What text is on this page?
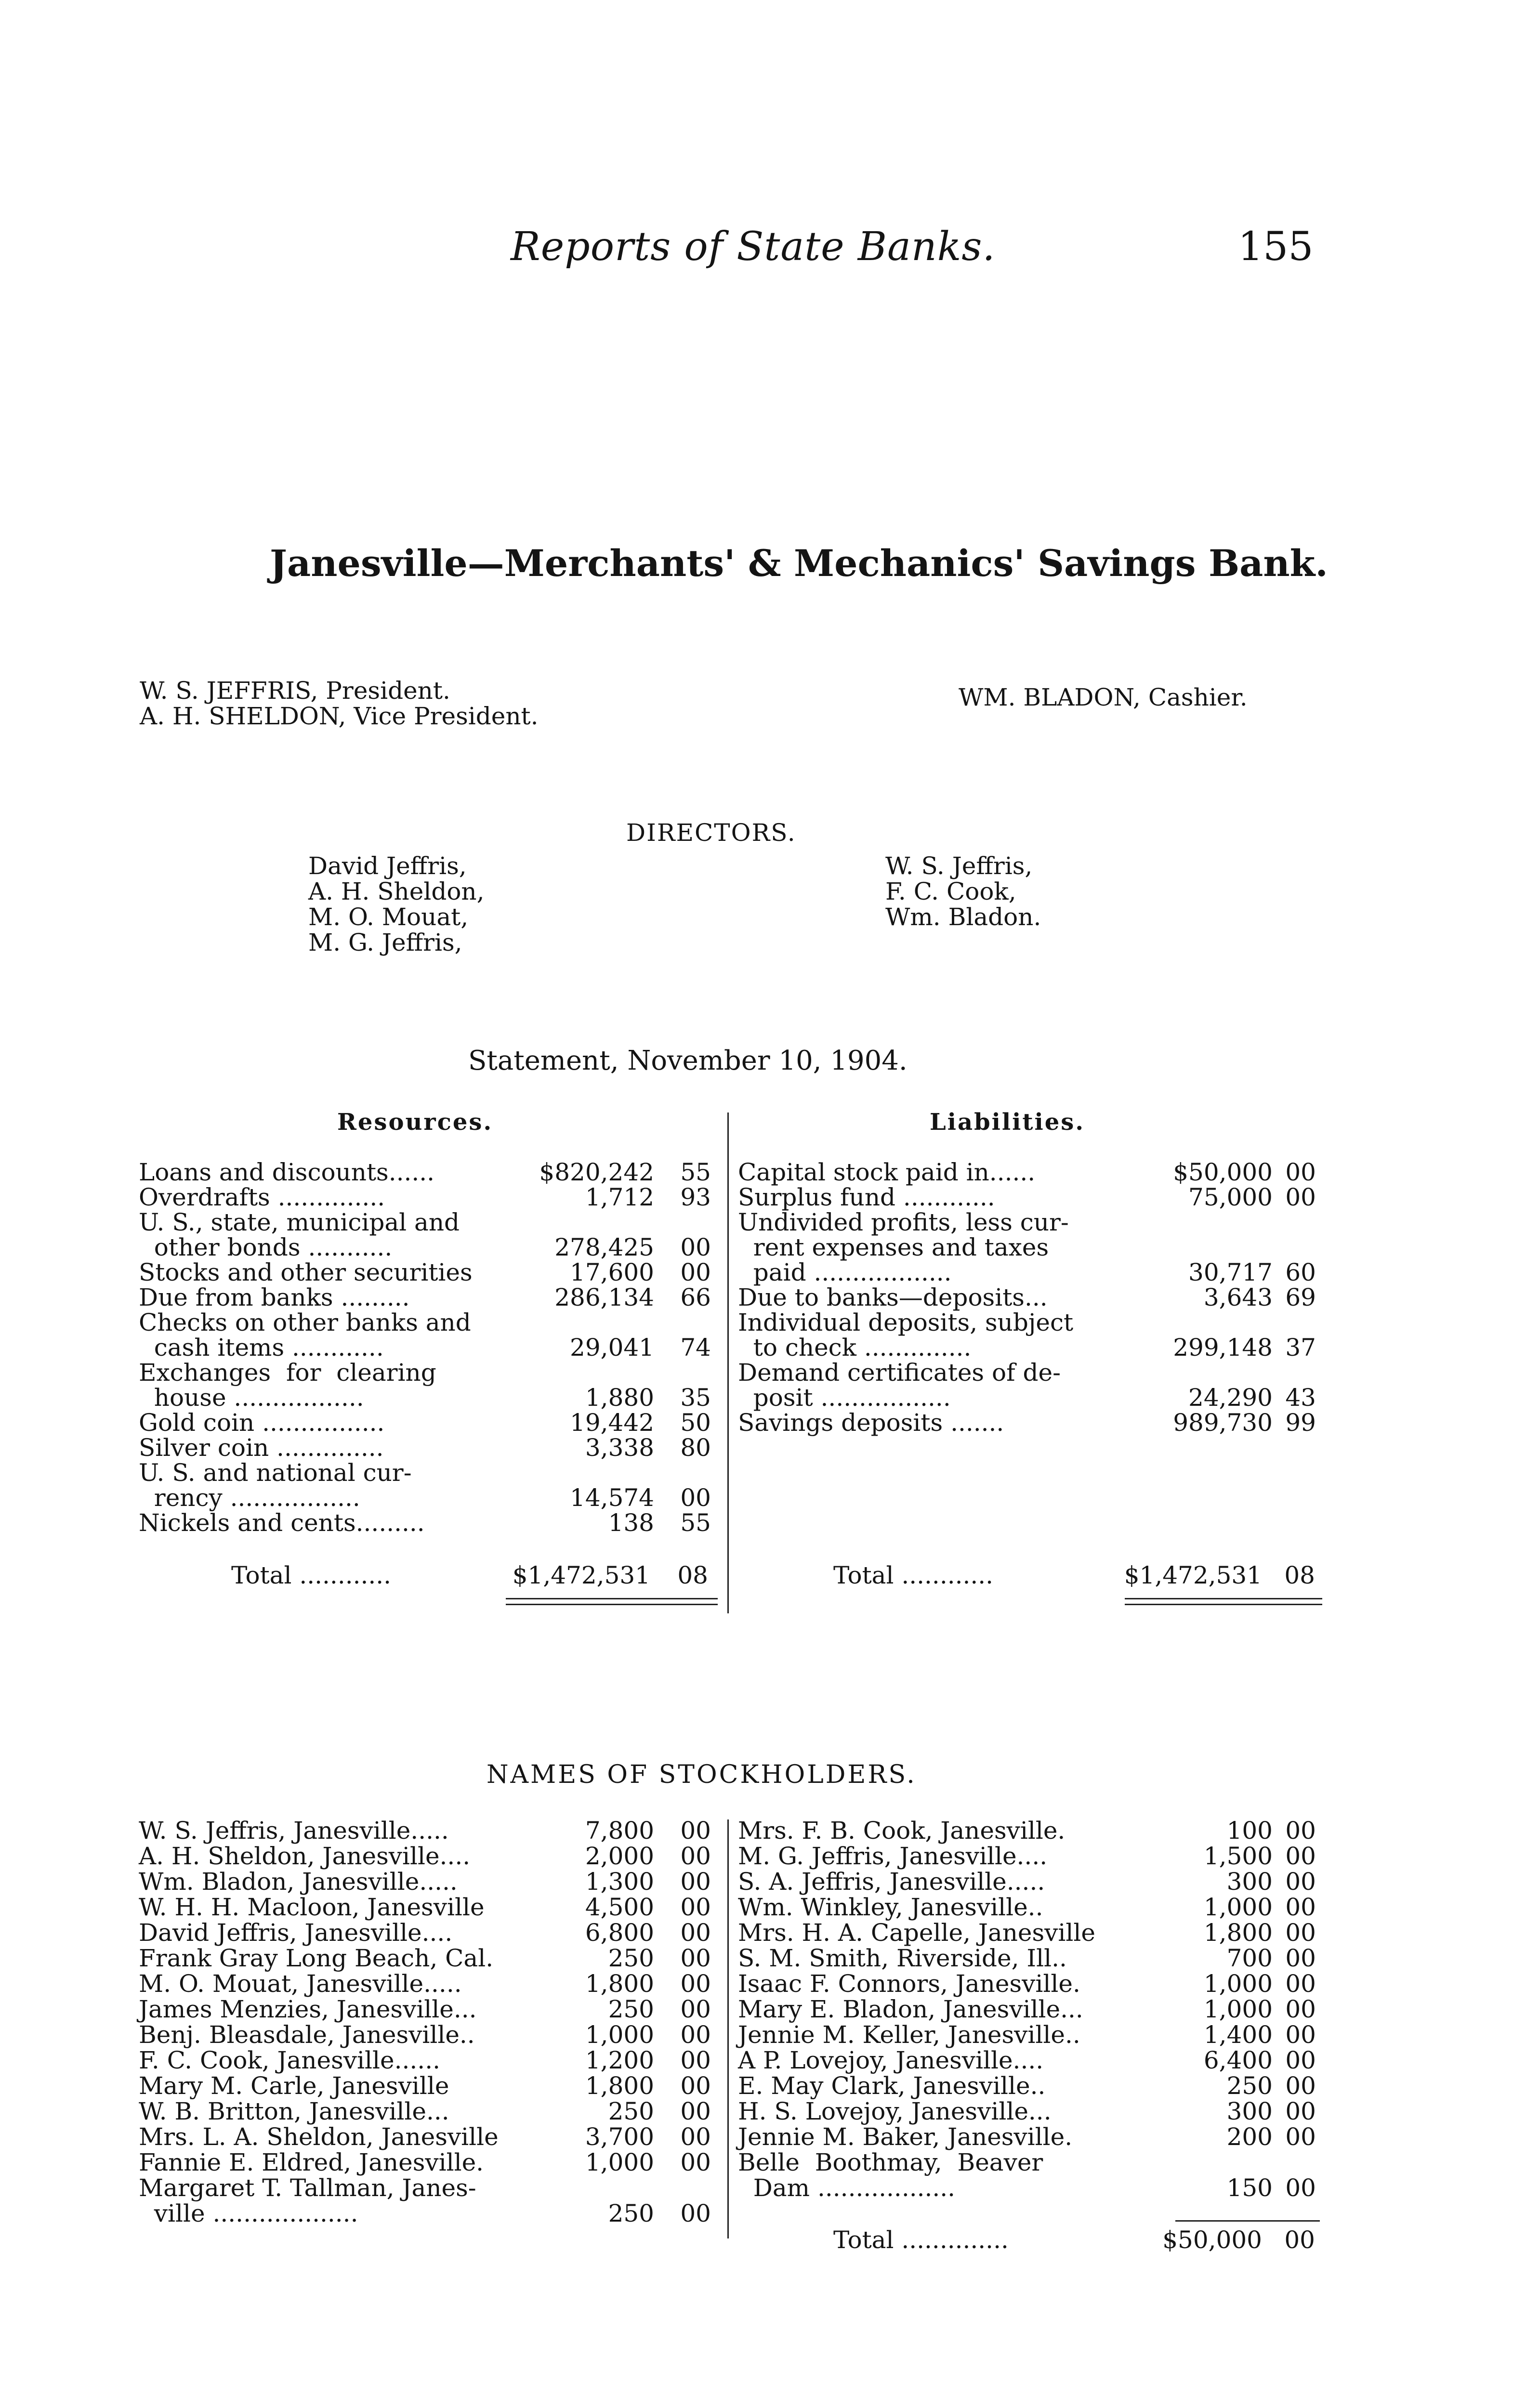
Reports of State Banks.	155
Janesville—Merchants' & Mechanics' Savings Bank.
W. S. JEFFRIS, President.
A. H. SHELDON, Vice President.
WM. BLADON, Cashier.
DIRECTORS.
David Jeffris,
A. H. Sheldon,
M. O. Mouat,
M. G. Jeffris,
W. S. Jeffris,
F. C. Cook,
Wm. Bladon.
Statement, November 10, 1904.
Resources.	Liabilities.
Loans and discounts......	$820,242	55
Overdrafts ..............	1,712	93
U. S., state, municipal and
other bonds ...........	278,425	00
Stocks and other securities	17,600	00
Due from banks .........	286,134	66
Checks on other banks and
cash items ............	29,041	74
Exchanges  for  clearing
house .................	1,880	35
Gold coin ................	19,442	50
Silver coin ..............	3,338	80
U. S. and national cur-
rency .................	14,574	00
Nickels and cents.........	138	55
Capital stock paid in......	$50,000 00
Surplus fund ............	75,000 00
Undivided profits, less cur-
rent expenses and taxes
paid ..................	30,717 60
Due to banks—deposits...	3,643 69
Individual deposits, subject
to check ..............	299,148 37
Demand certificates of de-
posit .................	24,290 43
Savings deposits .......	989,730 99
Total ............	$1,472,531	08	Total ............	$1,472,531 08
NAMES OF STOCKHOLDERS.
W. S. Jeffris, Janesville.....	7,800	00
A. H. Sheldon, Janesville....	2,000	00
Wm. Bladon, Janesville.....	1,300	00
W. H. H. Macloon, Janesville	4,500	00
David Jeffris, Janesville....	6,800	00
Frank Gray Long Beach, Cal.	250	00
M. O. Mouat, Janesville.....	1,800	00
James Menzies, Janesville...	250	00
Benj. Bleasdale, Janesville..	1,000	00
F. C. Cook, Janesville......	1,200	00
Mary M. Carle, Janesville	1,800	00
W. B. Britton, Janesville...	250	00
Mrs. L. A. Sheldon, Janesville	3,700	00
Fannie E. Eldred, Janesville.	1,000	00
Margaret T. Tallman, Janes-
ville ...................	250	00
Mrs. F. B. Cook, Janesville.	100 00
M. G. Jeffris, Janesville....	1,500 00
S. A. Jeffris, Janesville.....	300 00
Wm. Winkley, Janesville..	1,000 00
Mrs. H. A. Capelle, Janesville	1,800 00
S. M. Smith, Riverside, Ill..	700 00
Isaac F. Connors, Janesville.	1,000 00
Mary E. Bladon, Janesville...	1,000 00
Jennie M. Keller, Janesville..	1,400 00
A P. Lovejoy, Janesville....	6,400 00
E. May Clark, Janesville..	250 00
H. S. Lovejoy, Janesville...	300 00
Jennie M. Baker, Janesville.	200 00
Belle  Boothmay,  Beaver
Dam ..................	150 00
Total ..............	$50,000 00
